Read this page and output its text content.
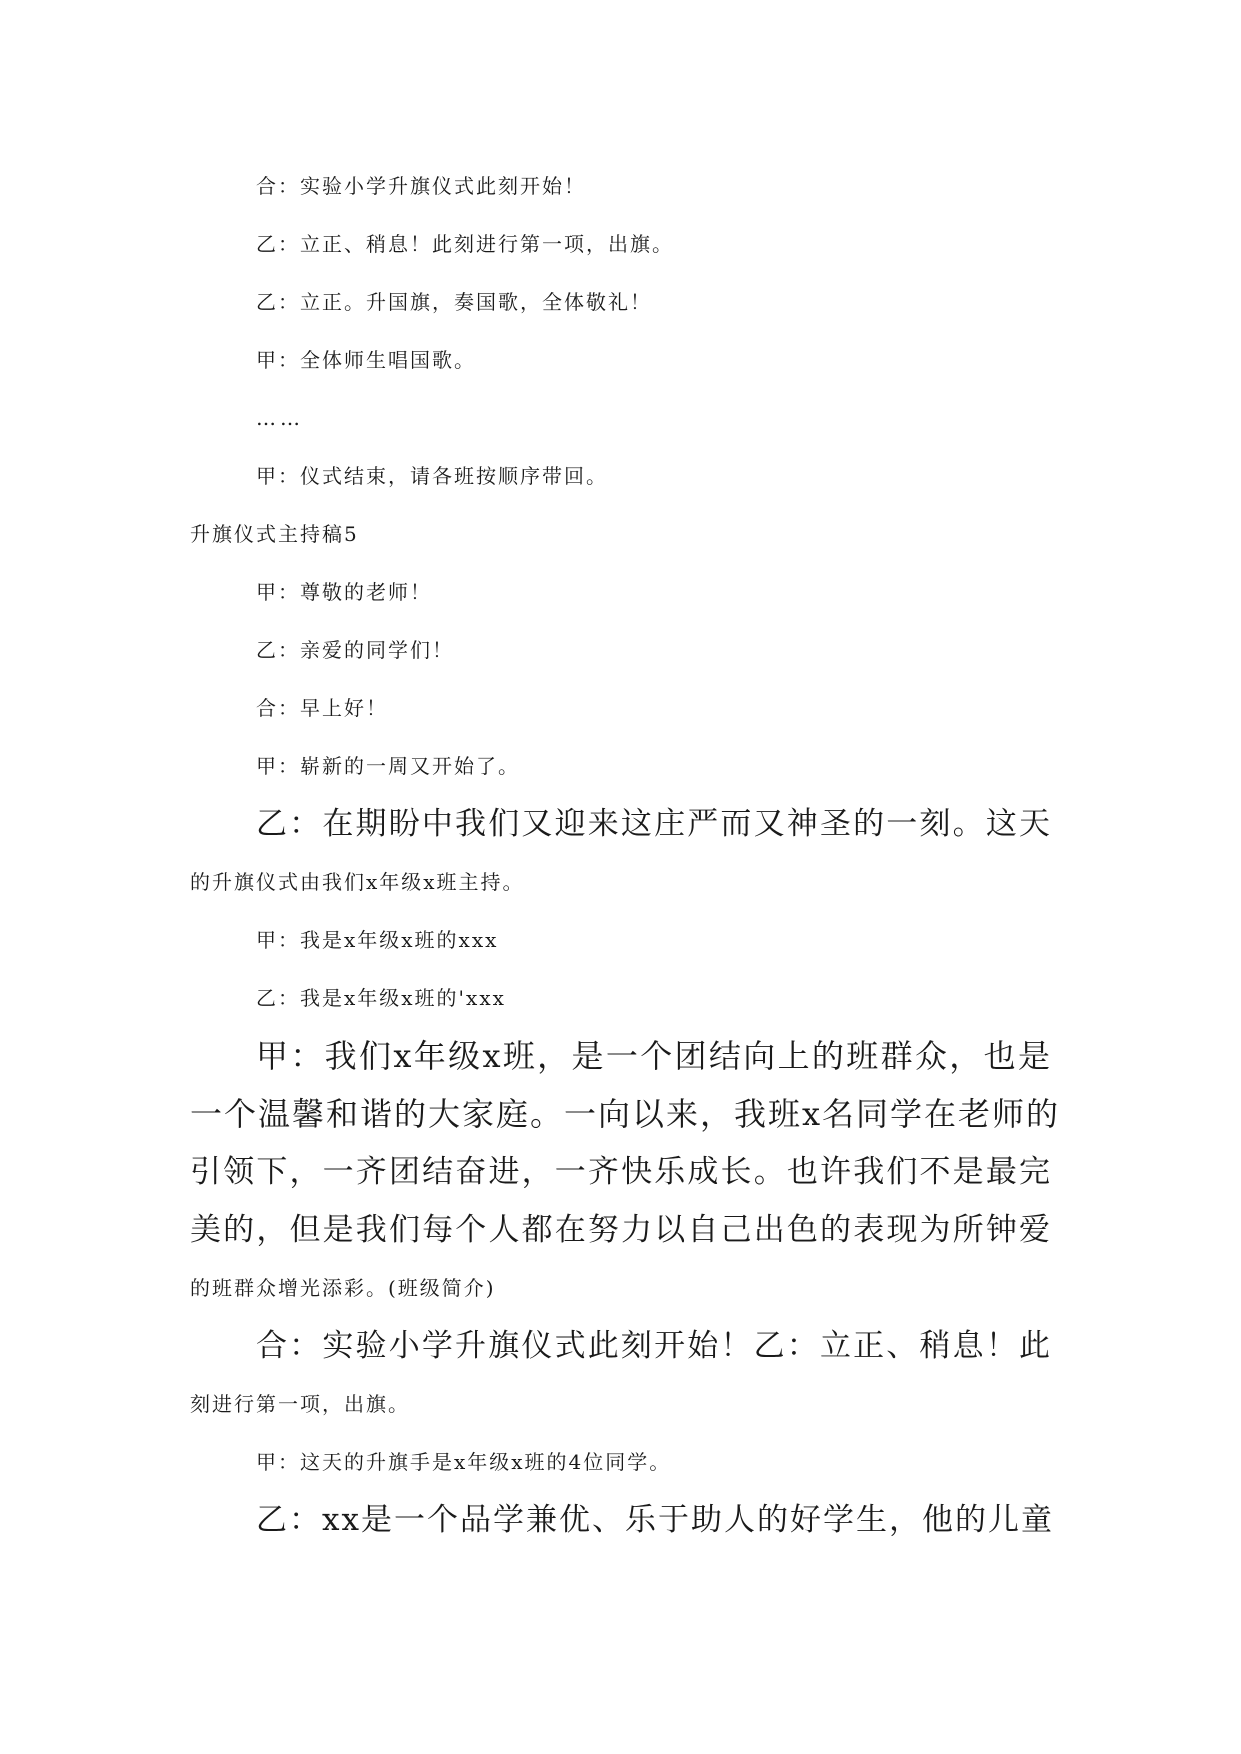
合：实验小学升旗仪式此刻开始！
乙：立正、稍息！此刻进行第一项，出旗。
乙：立正。升国旗，奏国歌，全体敬礼！
甲：全体师生唱国歌。
……
甲：仪式结束，请各班按顺序带回。
升旗仪式主持稿5
甲：尊敬的老师！
乙：亲爱的同学们！
合：早上好！
甲：崭新的一周又开始了。
乙：在期盼中我们又迎来这庄严而又神圣的一刻。这天
的升旗仪式由我们x年级x班主持。
甲：我是x年级x班的xxx
乙：我是x年级x班的'xxx
甲：我们x年级x班，是一个团结向上的班群众，也是
一个温馨和谐的大家庭。一向以来，我班x名同学在老师的
引领下，一齐团结奋进，一齐快乐成长。也许我们不是最完
美的，但是我们每个人都在努力以自己出色的表现为所钟爱
的班群众增光添彩。(班级简介)
合：实验小学升旗仪式此刻开始！乙：立正、稍息！此
刻进行第一项，出旗。
甲：这天的升旗手是x年级x班的4位同学。
乙：xx是一个品学兼优、乐于助人的好学生，他的儿童
